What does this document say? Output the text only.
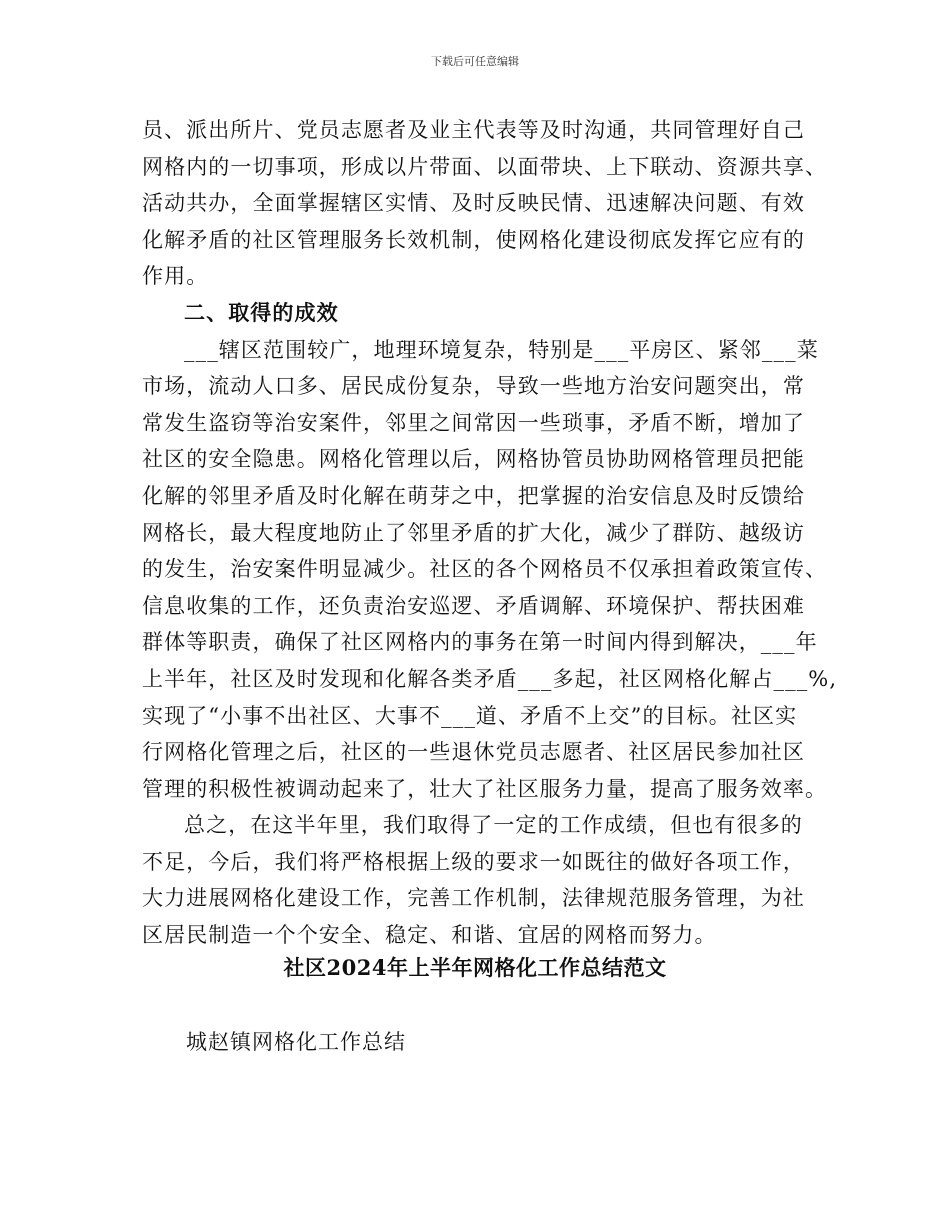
下载后可任意编辑
员、派出所片、党员志愿者及业主代表等及时沟通，共同管理好自己
网格内的一切事项，形成以片带面、以面带块、上下联动、资源共享、
活动共办，全面掌握辖区实情、及时反映民情、迅速解决问题、有效
化解矛盾的社区管理服务长效机制，使网格化建设彻底发挥它应有的
作用。
二、取得的成效
___辖区范围较广，地理环境复杂，特别是___平房区、紧邻___菜
市场，流动人口多、居民成份复杂，导致一些地方治安问题突出，常
常发生盗窃等治安案件，邻里之间常因一些琐事，矛盾不断，增加了
社区的安全隐患。网格化管理以后，网格协管员协助网格管理员把能
化解的邻里矛盾及时化解在萌芽之中，把掌握的治安信息及时反馈给
网格长，最大程度地防止了邻里矛盾的扩大化，减少了群防、越级访
的发生，治安案件明显减少。社区的各个网格员不仅承担着政策宣传、
信息收集的工作，还负责治安巡逻、矛盾调解、环境保护、帮扶困难
群体等职责，确保了社区网格内的事务在第一时间内得到解决，___年
上半年，社区及时发现和化解各类矛盾___多起，社区网格化解占___%,
实现了“小事不出社区、大事不___道、矛盾不上交”的目标。社区实
行网格化管理之后，社区的一些退休党员志愿者、社区居民参加社区
管理的积极性被调动起来了，壮大了社区服务力量，提高了服务效率。
总之，在这半年里，我们取得了一定的工作成绩，但也有很多的
不足，今后，我们将严格根据上级的要求一如既往的做好各项工作，
大力进展网格化建设工作，完善工作机制，法律规范服务管理，为社
区居民制造一个个安全、稳定、和谐、宜居的网格而努力。
社区2024年上半年网格化工作总结范文
城赵镇网格化工作总结
